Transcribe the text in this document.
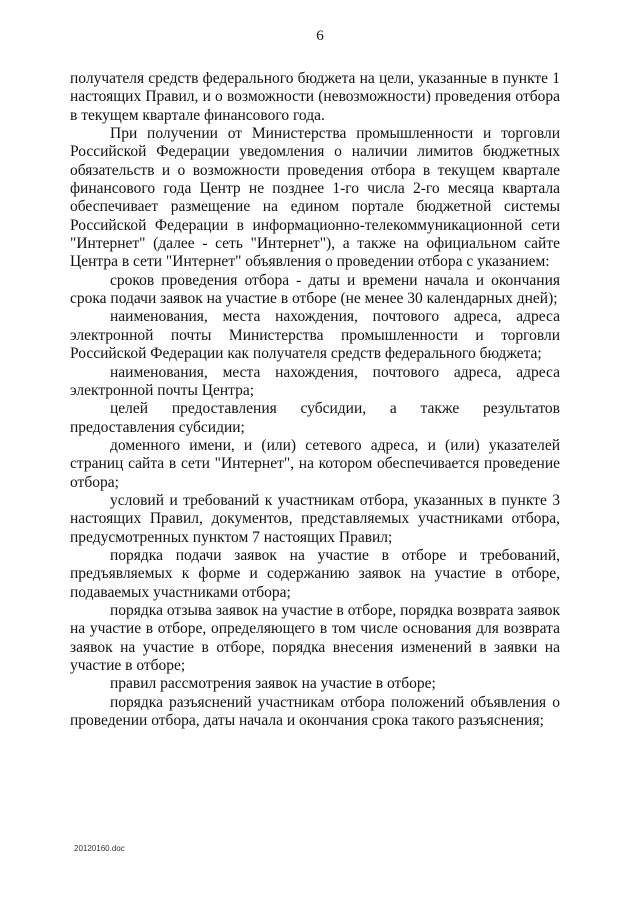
6

получателя средств федерального бюджета на цели, указанные в пункте 1 настоящих Правил, и о возможности (невозможности) проведения отбора в текущем квартале финансового года.

При получении от Министерства промышленности и торговли Российской Федерации уведомления о наличии лимитов бюджетных обязательств и о возможности проведения отбора в текущем квартале финансового года Центр не позднее 1-го числа 2-го месяца квартала обеспечивает размещение на едином портале бюджетной системы Российской Федерации в информационно-телекоммуникационной сети "Интернет" (далее - сеть "Интернет"), а также на официальном сайте Центра в сети "Интернет" объявления о проведении отбора с указанием:

сроков проведения отбора - даты и времени начала и окончания срока подачи заявок на участие в отборе (не менее 30 календарных дней);

наименования, места нахождения, почтового адреса, адреса электронной почты Министерства промышленности и торговли Российской Федерации как получателя средств федерального бюджета;

наименования, места нахождения, почтового адреса, адреса электронной почты Центра;

целей предоставления субсидии, а также результатов предоставления субсидии;

доменного имени, и (или) сетевого адреса, и (или) указателей страниц сайта в сети "Интернет", на котором обеспечивается проведение отбора;

условий и требований к участникам отбора, указанных в пункте 3 настоящих Правил, документов, представляемых участниками отбора, предусмотренных пунктом 7 настоящих Правил;

порядка подачи заявок на участие в отборе и требований, предъявляемых к форме и содержанию заявок на участие в отборе, подаваемых участниками отбора;

порядка отзыва заявок на участие в отборе, порядка возврата заявок на участие в отборе, определяющего в том числе основания для возврата заявок на участие в отборе, порядка внесения изменений в заявки на участие в отборе;

правил рассмотрения заявок на участие в отборе;

порядка разъяснений участникам отбора положений объявления о проведении отбора, даты начала и окончания срока такого разъяснения;

20120160.doc
